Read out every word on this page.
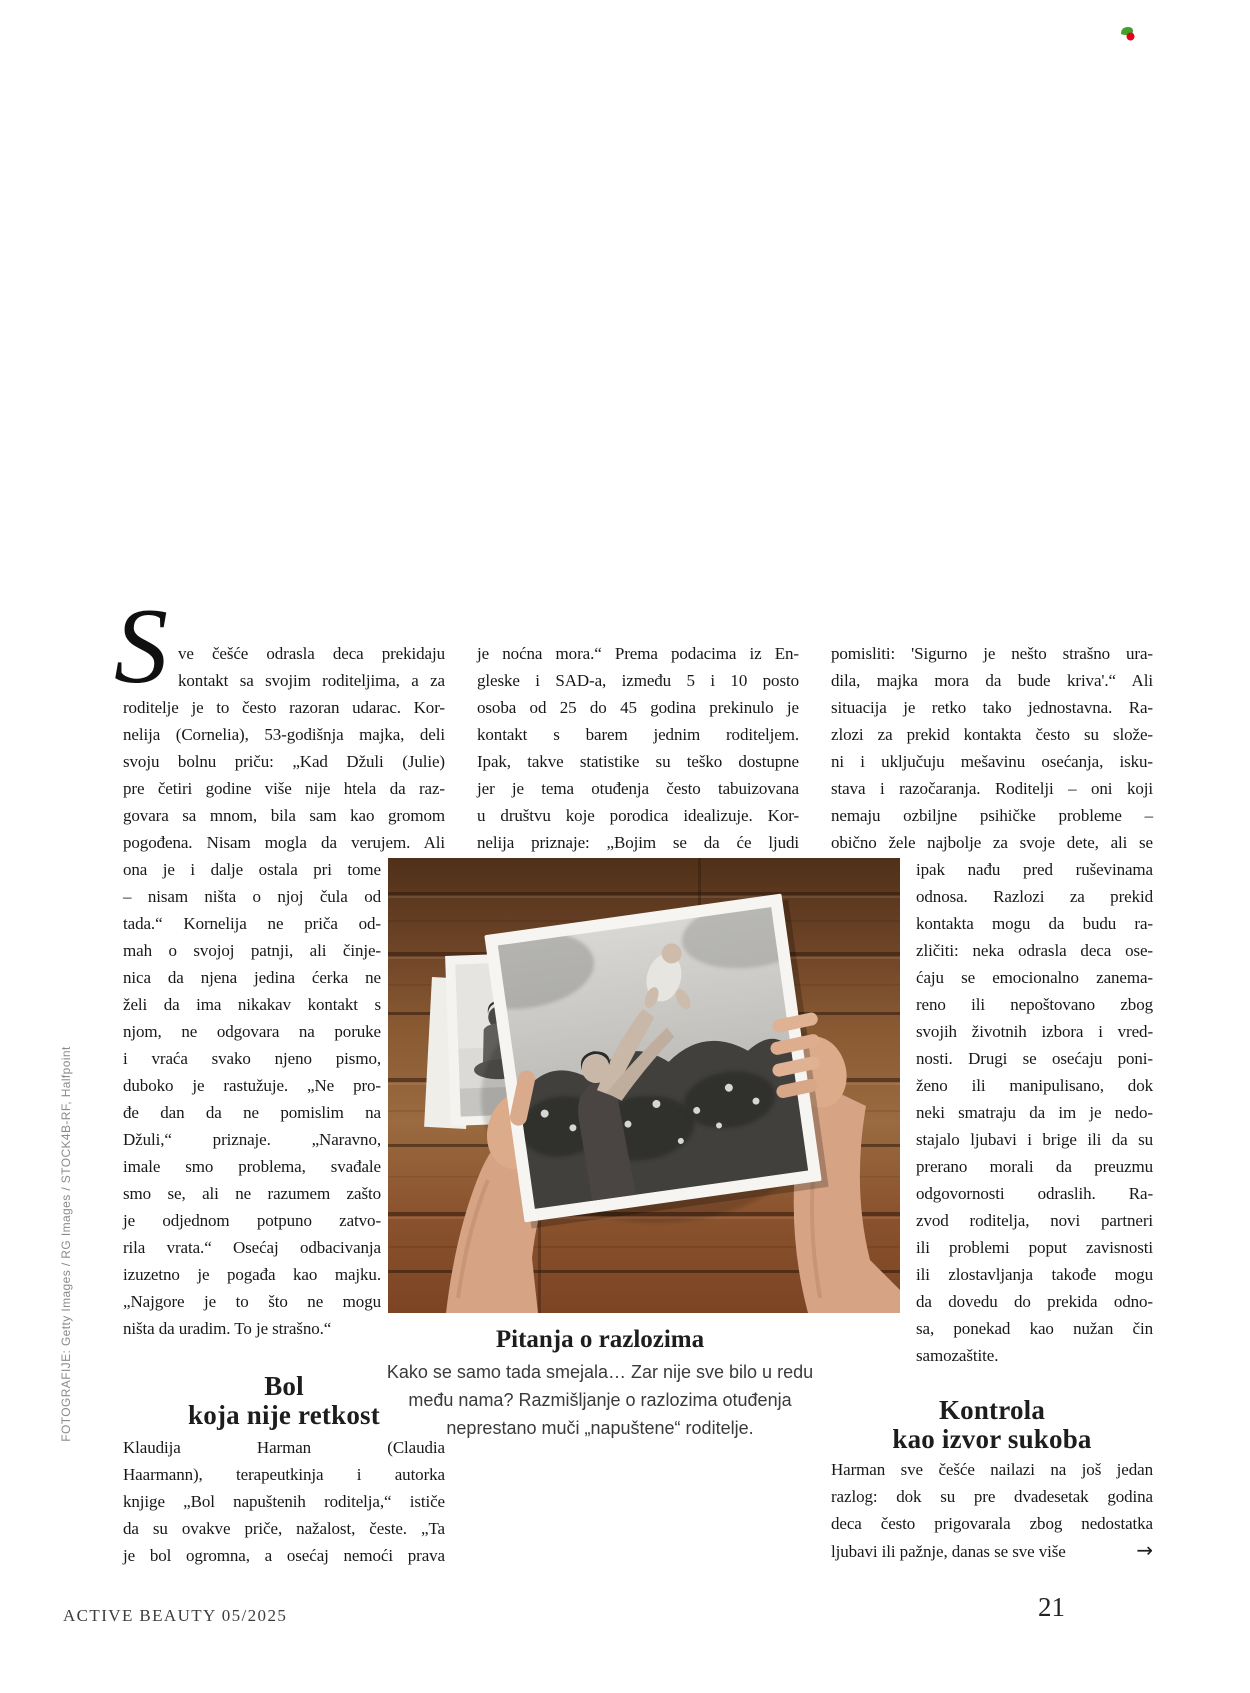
FOTOGRAFIJE: Getty Images / RG Images / STOCK4B-RF, Halfpoint
S ve češće odrasla deca prekidaju
kontakt sa svojim roditeljima, a za
roditelje je to često razoran udarac. Kor-
nelija (Cornelia), 53-godišnja majka, deli
svoju bolnu priču: „Kad Džuli (Julie)
pre četiri godine više nije htela da raz-
govara sa mnom, bila sam kao gromom
pogođena. Nisam mogla da verujem. Ali
ona je i dalje ostala pri tome
– nisam ništa o njoj čula od
tada.“ Kornelija ne priča od-
mah o svojoj patnji, ali činje-
nica da njena jedina ćerka ne
želi da ima nikakav kontakt s
njom, ne odgovara na poruke
i vraća svako njeno pismo,
duboko je rastužuje. „Ne pro-
đe dan da ne pomislim na
Džuli,“ priznaje. „Naravno,
imale smo problema, svađale
smo se, ali ne razumem zašto
je odjednom potpuno zatvo-
rila vrata.“ Osećaj odbacivanja
izuzetno je pogađa kao majku.
„Najgore je to što ne mogu
ništa da uradim. To je strašno.“
Bol
koja nije retkost
Klaudija Harman (Claudia
Haarmann), terapeutkinja i autorka
knjige „Bol napuštenih roditelja,“ ističe
da su ovakve priče, nažalost, česte. „Ta
je bol ogromna, a osećaj nemoći prava
je noćna mora.“ Prema podacima iz En-
gleske i SAD-a, između 5 i 10 posto
osoba od 25 do 45 godina prekinulo je
kontakt s barem jednim roditeljem.
Ipak, takve statistike su teško dostupne
jer je tema otuđenja često tabuizovana
u društvu koje porodica idealizuje. Kor-
nelija priznaje: „Bojim se da će ljudi
Pitanja o razlozima
Kako se samo tada smejala… Zar nije sve bilo u redu
među nama? Razmišljanje o razlozima otuđenja
neprestano muči „napuštene“ roditelje.
pomisliti: 'Sigurno je nešto strašno ura-
dila, majka mora da bude kriva'.“ Ali
situacija je retko tako jednostavna. Ra-
zlozi za prekid kontakta često su slože-
ni i uključuju mešavinu osećanja, isku-
stava i razočaranja. Roditelji – oni koji
nemaju ozbiljne psihičke probleme –
obično žele najbolje za svoje dete, ali se
ipak nađu pred ruševinama
odnosa. Razlozi za prekid
kontakta mogu da budu ra-
zličiti: neka odrasla deca ose-
ćaju se emocionalno zanema-
reno ili nepoštovano zbog
svojih životnih izbora i vred-
nosti. Drugi se osećaju poni-
ženo ili manipulisano, dok
neki smatraju da im je nedo-
stajalo ljubavi i brige ili da su
prerano morali da preuzmu
odgovornosti odraslih. Ra-
zvod roditelja, novi partneri
ili problemi poput zavisnosti
ili zlostavljanja takođe mogu
da dovedu do prekida odno-
sa, ponekad kao nužan čin
samozaštite.
Kontrola
kao izvor sukoba
Harman sve češće nailazi na još jedan
razlog: dok su pre dvadesetak godina
deca često prigovarala zbog nedostatka
ljubavi ili pažnje, danas se sve više	→
ACTIVE BEAUTY 05/2025	21
